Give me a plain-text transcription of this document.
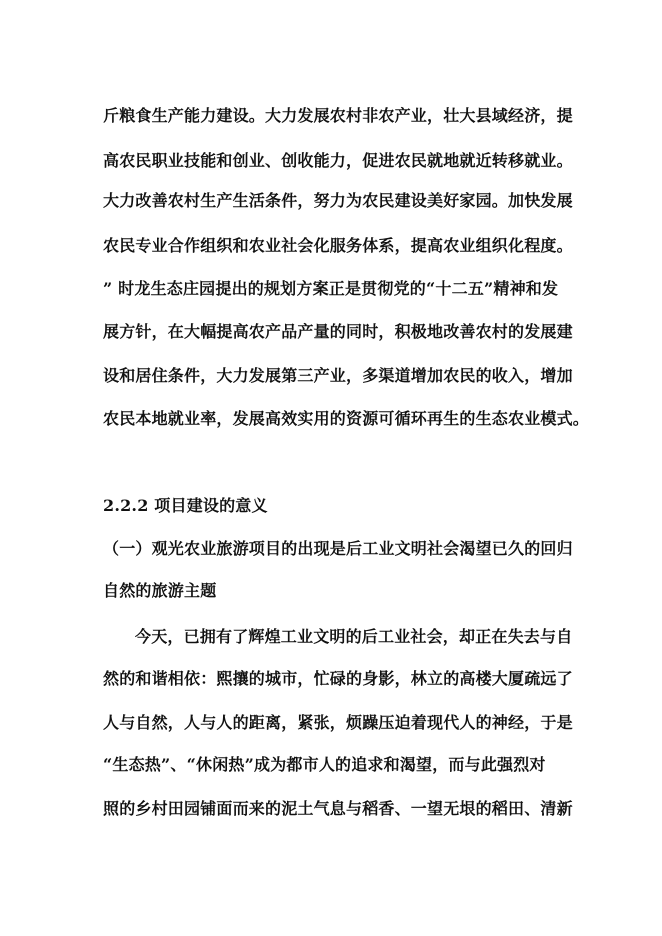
斤粮食生产能力建设。大力发展农村非农产业，壮大县域经济，提
高农民职业技能和创业、创收能力，促进农民就地就近转移就业。
大力改善农村生产生活条件，努力为农民建设美好家园。加快发展
农民专业合作组织和农业社会化服务体系，提高农业组织化程度。
” 时龙生态庄园提出的规划方案正是贯彻党的“十二五”精神和发
展方针，在大幅提高农产品产量的同时，积极地改善农村的发展建
设和居住条件，大力发展第三产业，多渠道增加农民的收入，增加
农民本地就业率，发展高效实用的资源可循环再生的生态农业模式。
2.2.2 项目建设的意义
（一）观光农业旅游项目的出现是后工业文明社会渴望已久的回归
自然的旅游主题
今天，已拥有了辉煌工业文明的后工业社会，却正在失去与自
然的和谐相依：熙攘的城市，忙碌的身影，林立的高楼大厦疏远了
人与自然，人与人的距离，紧张，烦躁压迫着现代人的神经，于是
“生态热”、“休闲热”成为都市人的追求和渴望，而与此强烈对
照的乡村田园铺面而来的泥土气息与稻香、一望无垠的稻田、清新
